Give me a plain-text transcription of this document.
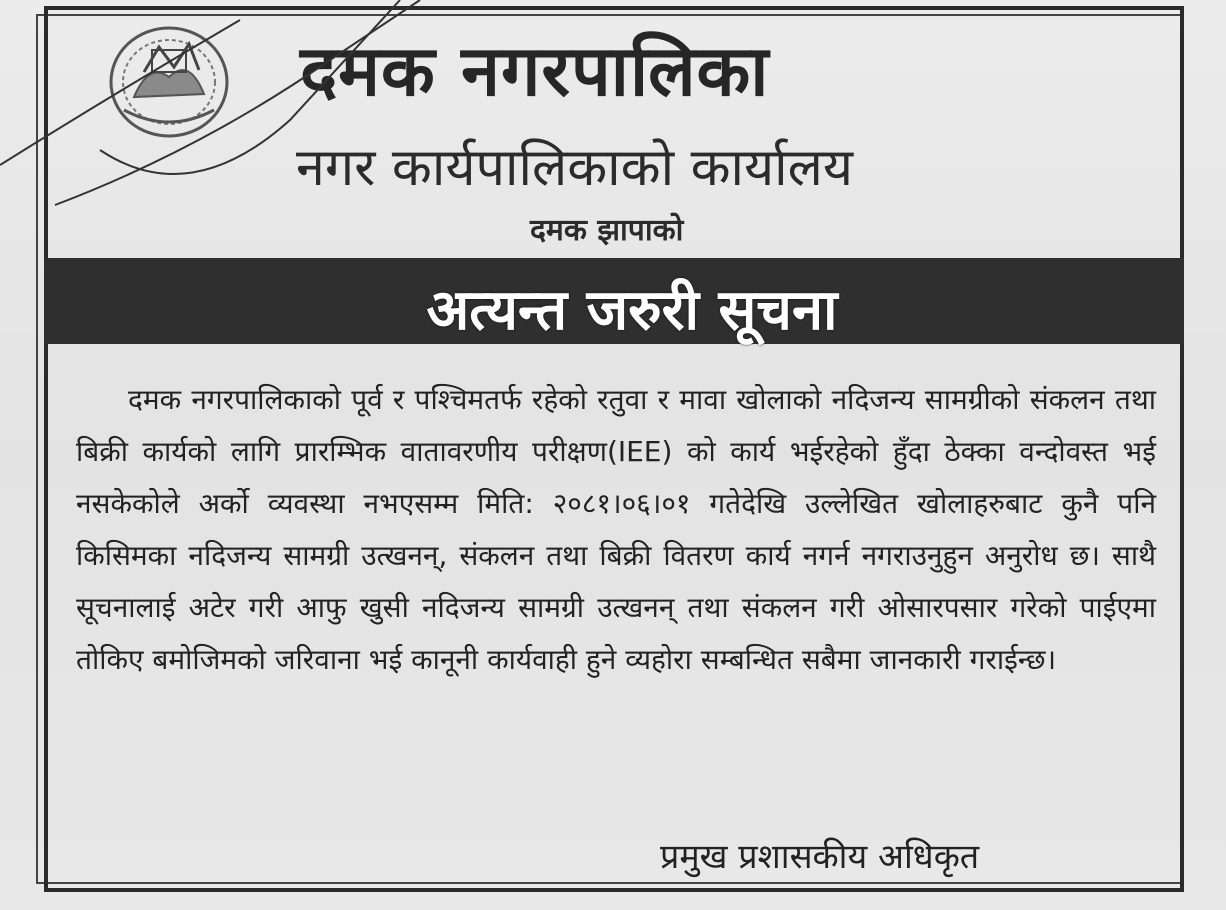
दमक नगरपालिका
नगर कार्यपालिकाको कार्यालय
दमक झापाको
अत्यन्त जरुरी सूचना
दमक नगरपालिकाको पूर्व र पश्चिमतर्फ रहेको रतुवा र मावा खोलाको नदिजन्य सामग्रीको संकलन तथा बिक्री कार्यको लागि प्रारम्भिक वातावरणीय परीक्षण(IEE) को कार्य भईरहेको हुँदा ठेक्का वन्दोवस्त भई नसकेकोले अर्को व्यवस्था नभएसम्म मिति: २०८१।०६।०१ गतेदेखि उल्लेखित खोलाहरुबाट कुनै पनि किसिमका नदिजन्य सामग्री उत्खनन्, संकलन तथा बिक्री वितरण कार्य नगर्न नगराउनुहुन अनुरोध छ। साथै सूचनालाई अटेर गरी आफु खुसी नदिजन्य सामग्री उत्खनन् तथा संकलन गरी ओसारपसार गरेको पाईएमा तोकिए बमोजिमको जरिवाना भई कानूनी कार्यवाही हुने व्यहोरा सम्बन्धित सबैमा जानकारी गराईन्छ।
प्रमुख प्रशासकीय अधिकृत
